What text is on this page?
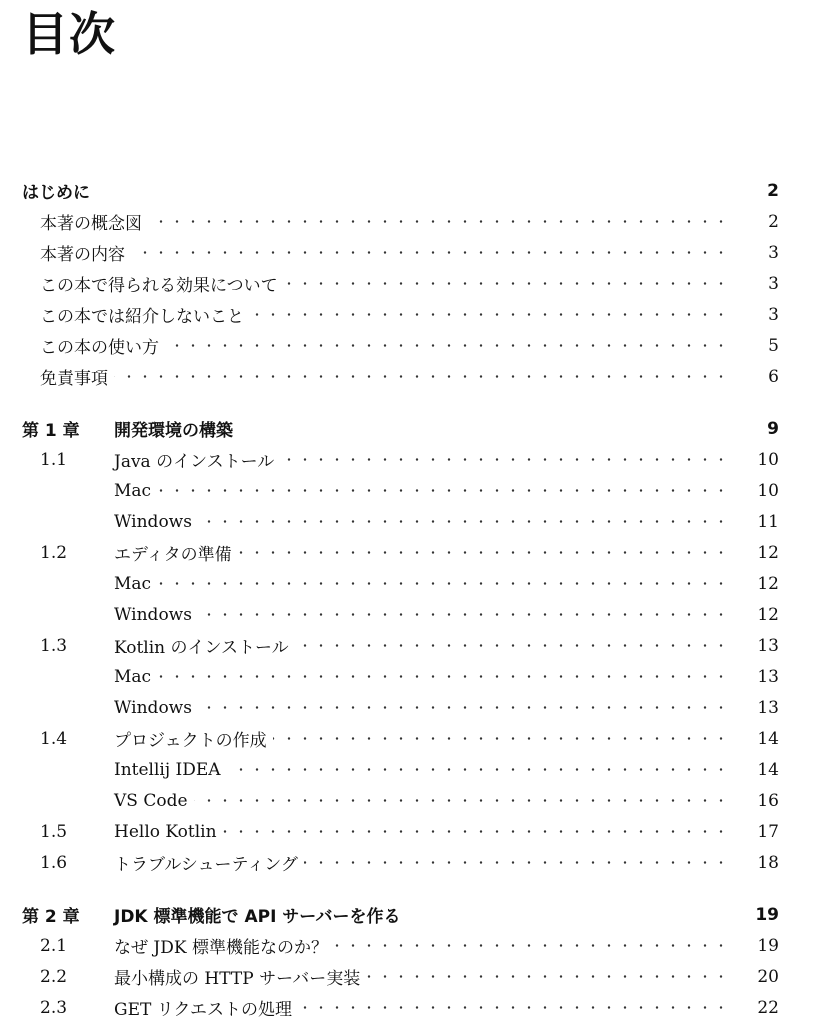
目次
はじめに	2
本著の概念図	2
本著の内容	3
この本で得られる効果について	3
この本では紹介しないこと	3
この本の使い方	5
免責事項	6
第 1 章 開発環境の構築	9
1.1	Java のインストール	10
Mac	10
Windows	11
1.2	エディタの準備	12
Mac	12
Windows	12
1.3	Kotlin のインストール	13
Mac	13
Windows	13
1.4	プロジェクトの作成	14
Intellij IDEA	14
VS Code	16
1.5	Hello Kotlin	17
1.6	トラブルシューティング	18
第 2 章 JDK 標準機能で API サーバーを作る	19
2.1	なぜ JDK 標準機能なのか？	19
2.2	最小構成の HTTP サーバー実装	20
2.3	GET リクエストの処理	22
